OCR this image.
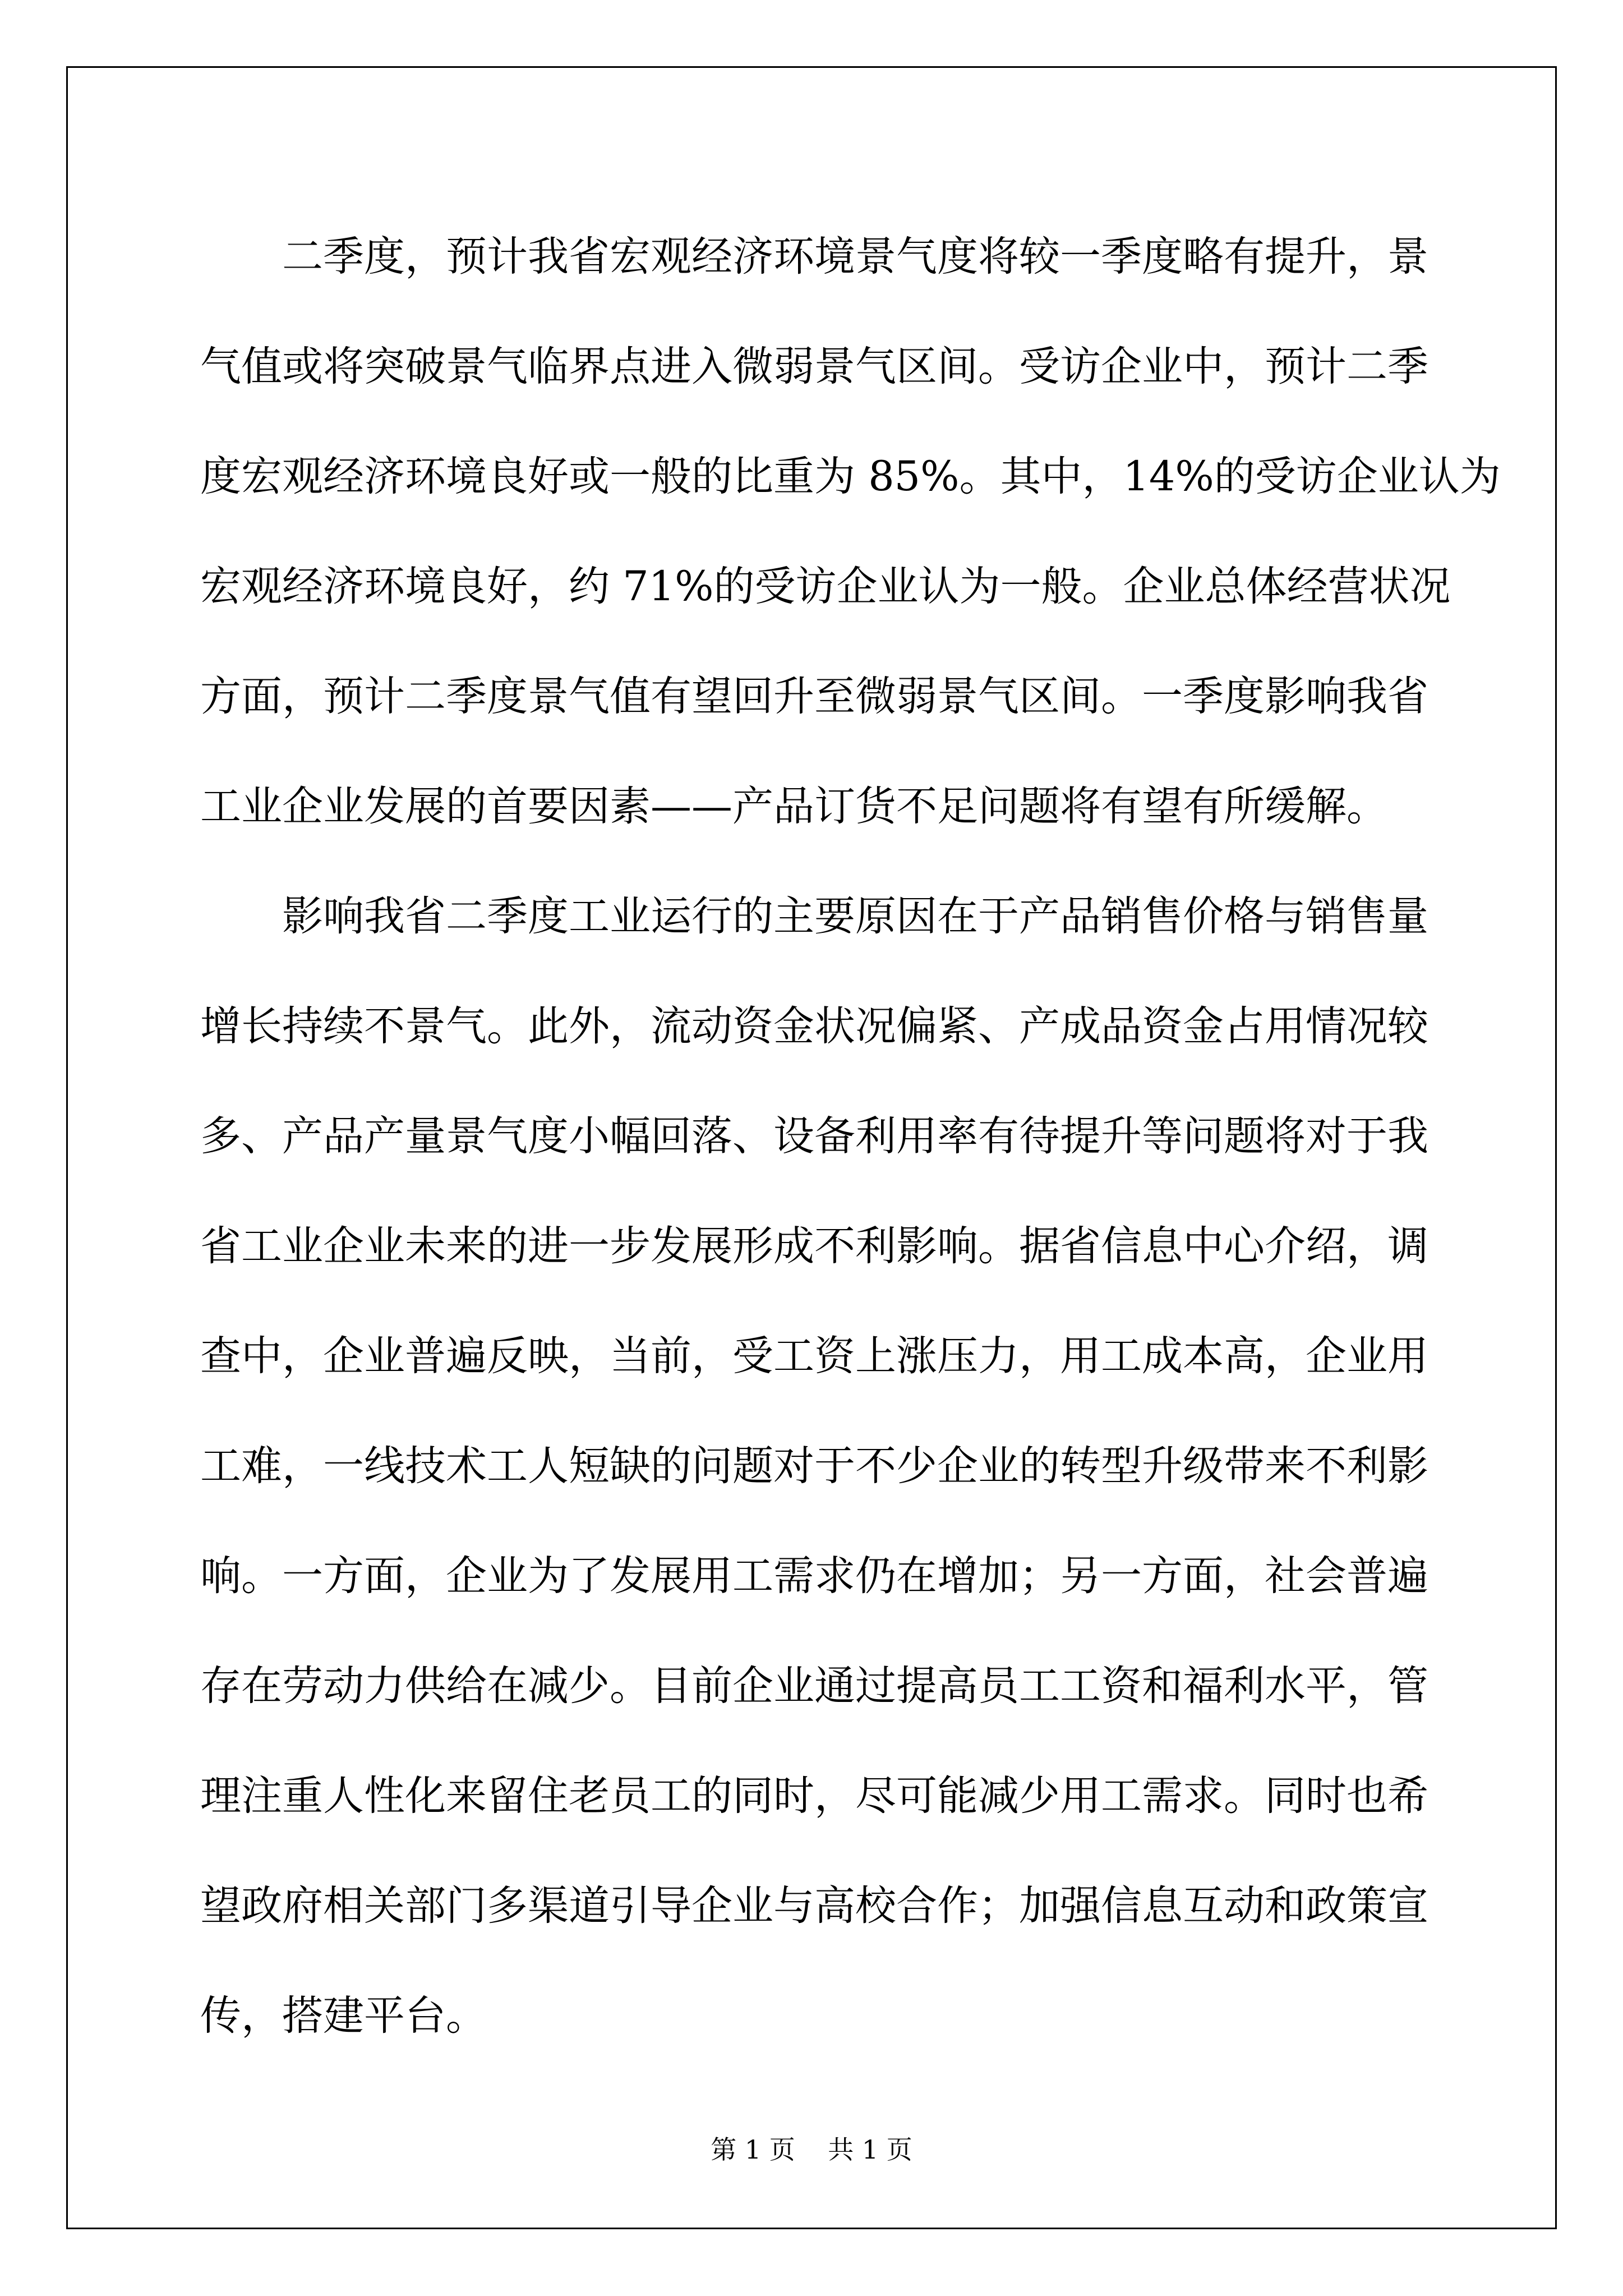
二季度，预计我省宏观经济环境景气度将较一季度略有提升，景
气值或将突破景气临界点进入微弱景气区间。受访企业中，预计二季
度宏观经济环境良好或一般的比重为 85%。其中，14%的受访企业认为
宏观经济环境良好，约 71%的受访企业认为一般。企业总体经营状况
方面，预计二季度景气值有望回升至微弱景气区间。一季度影响我省
工业企业发展的首要因素——产品订货不足问题将有望有所缓解。
影响我省二季度工业运行的主要原因在于产品销售价格与销售量
增长持续不景气。此外，流动资金状况偏紧、产成品资金占用情况较
多、产品产量景气度小幅回落、设备利用率有待提升等问题将对于我
省工业企业未来的进一步发展形成不利影响。据省信息中心介绍，调
查中，企业普遍反映，当前，受工资上涨压力，用工成本高，企业用
工难，一线技术工人短缺的问题对于不少企业的转型升级带来不利影
响。一方面，企业为了发展用工需求仍在增加；另一方面，社会普遍
存在劳动力供给在减少。目前企业通过提高员工工资和福利水平，管
理注重人性化来留住老员工的同时，尽可能减少用工需求。同时也希
望政府相关部门多渠道引导企业与高校合作；加强信息互动和政策宣
传，搭建平台。
第 1 页    共 1 页
